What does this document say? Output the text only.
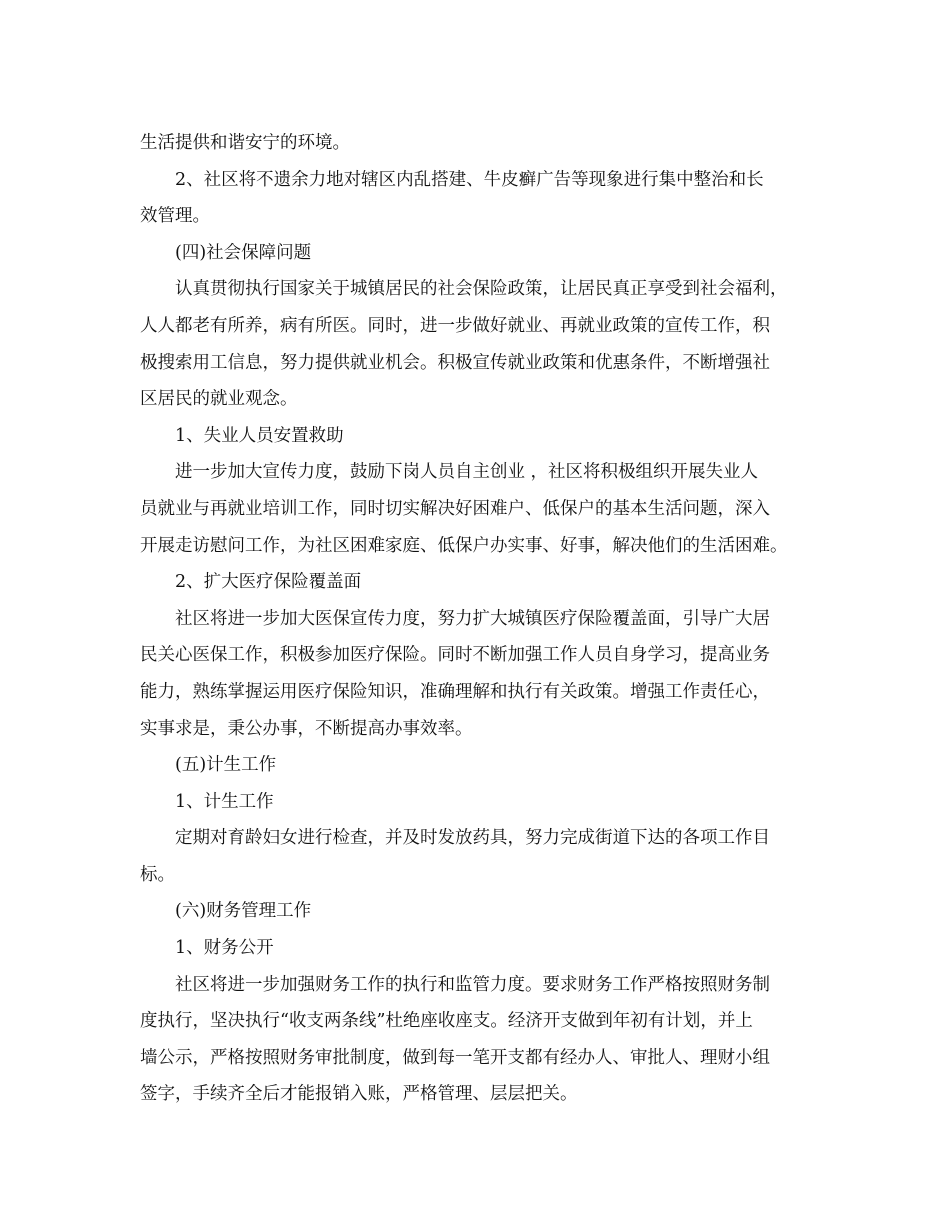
生活提供和谐安宁的环境。
2、社区将不遗余力地对辖区内乱搭建、牛皮癣广告等现象进行集中整治和长
效管理。
(四)社会保障问题
认真贯彻执行国家关于城镇居民的社会保险政策，让居民真正享受到社会福利，
人人都老有所养，病有所医。同时，进一步做好就业、再就业政策的宣传工作，积
极搜索用工信息，努力提供就业机会。积极宣传就业政策和优惠条件，不断增强社
区居民的就业观念。
1、失业人员安置救助
进一步加大宣传力度，鼓励下岗人员自主创业 ，社区将积极组织开展失业人
员就业与再就业培训工作，同时切实解决好困难户、低保户的基本生活问题，深入
开展走访慰问工作，为社区困难家庭、低保户办实事、好事，解决他们的生活困难。
2、扩大医疗保险覆盖面
社区将进一步加大医保宣传力度，努力扩大城镇医疗保险覆盖面，引导广大居
民关心医保工作，积极参加医疗保险。同时不断加强工作人员自身学习，提高业务
能力，熟练掌握运用医疗保险知识，准确理解和执行有关政策。增强工作责任心，
实事求是，秉公办事，不断提高办事效率。
(五)计生工作
1、计生工作
定期对育龄妇女进行检查，并及时发放药具，努力完成街道下达的各项工作目
标。
(六)财务管理工作
1、财务公开
社区将进一步加强财务工作的执行和监管力度。要求财务工作严格按照财务制
度执行，坚决执行“收支两条线”杜绝座收座支。经济开支做到年初有计划，并上
墙公示，严格按照财务审批制度，做到每一笔开支都有经办人、审批人、理财小组
签字，手续齐全后才能报销入账，严格管理、层层把关。
